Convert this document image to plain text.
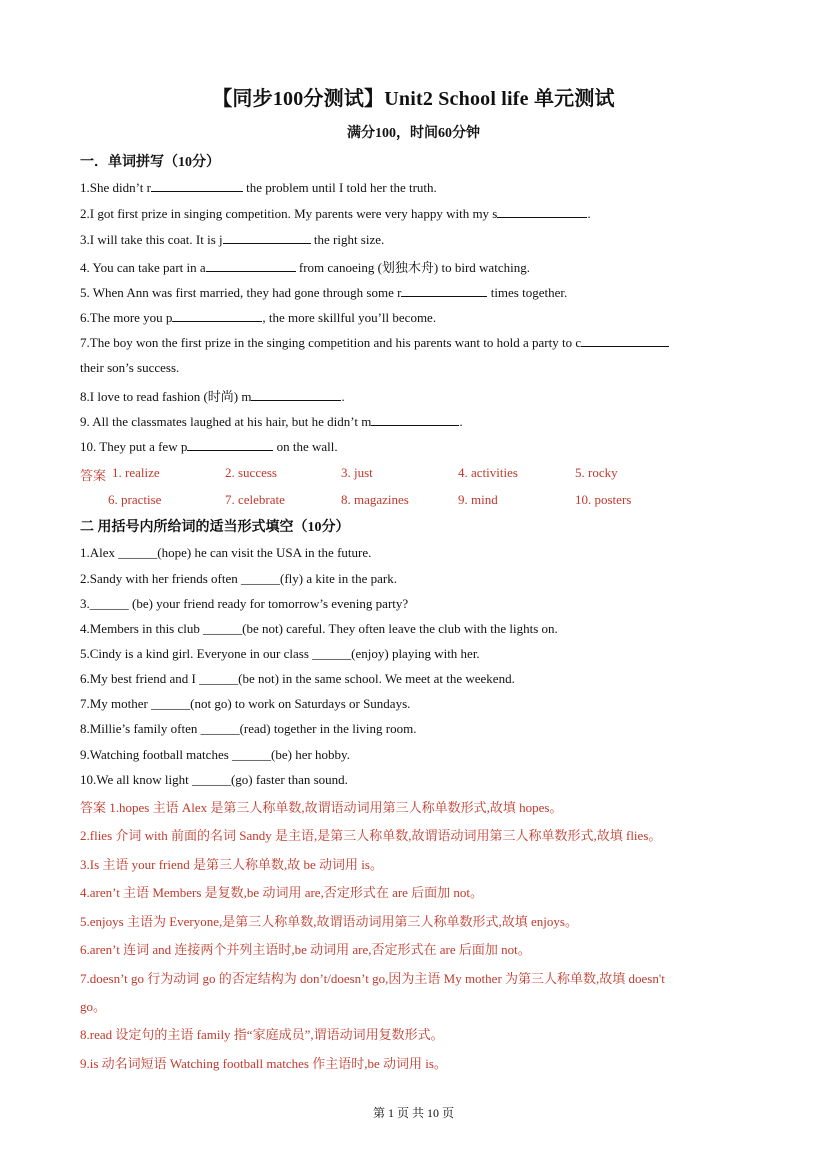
【同步100分测试】Unit2 School life 单元测试
满分100，时间60分钟
一．单词拼写（10分）
1.She didn’t r	the problem until I told her the truth.
2.I got first prize in singing competition. My parents were very happy with my s	.
3.I will take this coat. It is j	the right size.
4. You can take part in a	from canoeing (划独木舟) to bird watching.
5. When Ann was first married, they had gone through some r	times together.
6.The more you p	, the more skillful you’ll become.
7.The boy won the first prize in the singing competition and his parents want to hold a party to c
their son’s success.
8.I love to read fashion (时尚) m	.
9. All the classmates laughed at his hair, but he didn’t m	.
10. They put a few p	on the wall.
答案 1. realize	2. success	3. just	4. activities	5. rocky
6. practise	7. celebrate	8. magazines	9. mind	10. posters
二 用括号内所给词的适当形式填空（10分）
1.Alex ______(hope) he can visit the USA in the future.
2.Sandy with her friends often ______(fly) a kite in the park.
3.______ (be) your friend ready for tomorrow’s evening party?
4.Members in this club ______(be not) careful. They often leave the club with the lights on.
5.Cindy is a kind girl. Everyone in our class ______(enjoy) playing with her.
6.My best friend and I ______(be not) in the same school. We meet at the weekend.
7.My mother ______(not go) to work on Saturdays or Sundays.
8.Millie’s family often ______(read) together in the living room.
9.Watching football matches ______(be) her hobby.
10.We all know light ______(go) faster than sound.
答案 1.hopes 主语 Alex 是第三人称单数,故谓语动词用第三人称单数形式,故填 hopes。
2.flies 介词 with 前面的名词 Sandy 是主语,是第三人称单数,故谓语动词用第三人称单数形式,故填 flies。
3.Is 主语 your friend 是第三人称单数,故 be 动词用 is。
4.aren’t 主语 Members 是复数,be 动词用 are,否定形式在 are 后面加 not。
5.enjoys 主语为 Everyone,是第三人称单数,故谓语动词用第三人称单数形式,故填 enjoys。
6.aren’t 连词 and 连接两个并列主语时,be 动词用 are,否定形式在 are 后面加 not。
7.doesn’t go 行为动词 go 的否定结构为 don’t/doesn’t go,因为主语 My mother 为第三人称单数,故填 doesn't
go。
8.read 设定句的主语 family 指“家庭成员”,谓语动词用复数形式。
9.is 动名词短语 Watching football matches 作主语时,be 动词用 is。
第 1 页 共 10 页
